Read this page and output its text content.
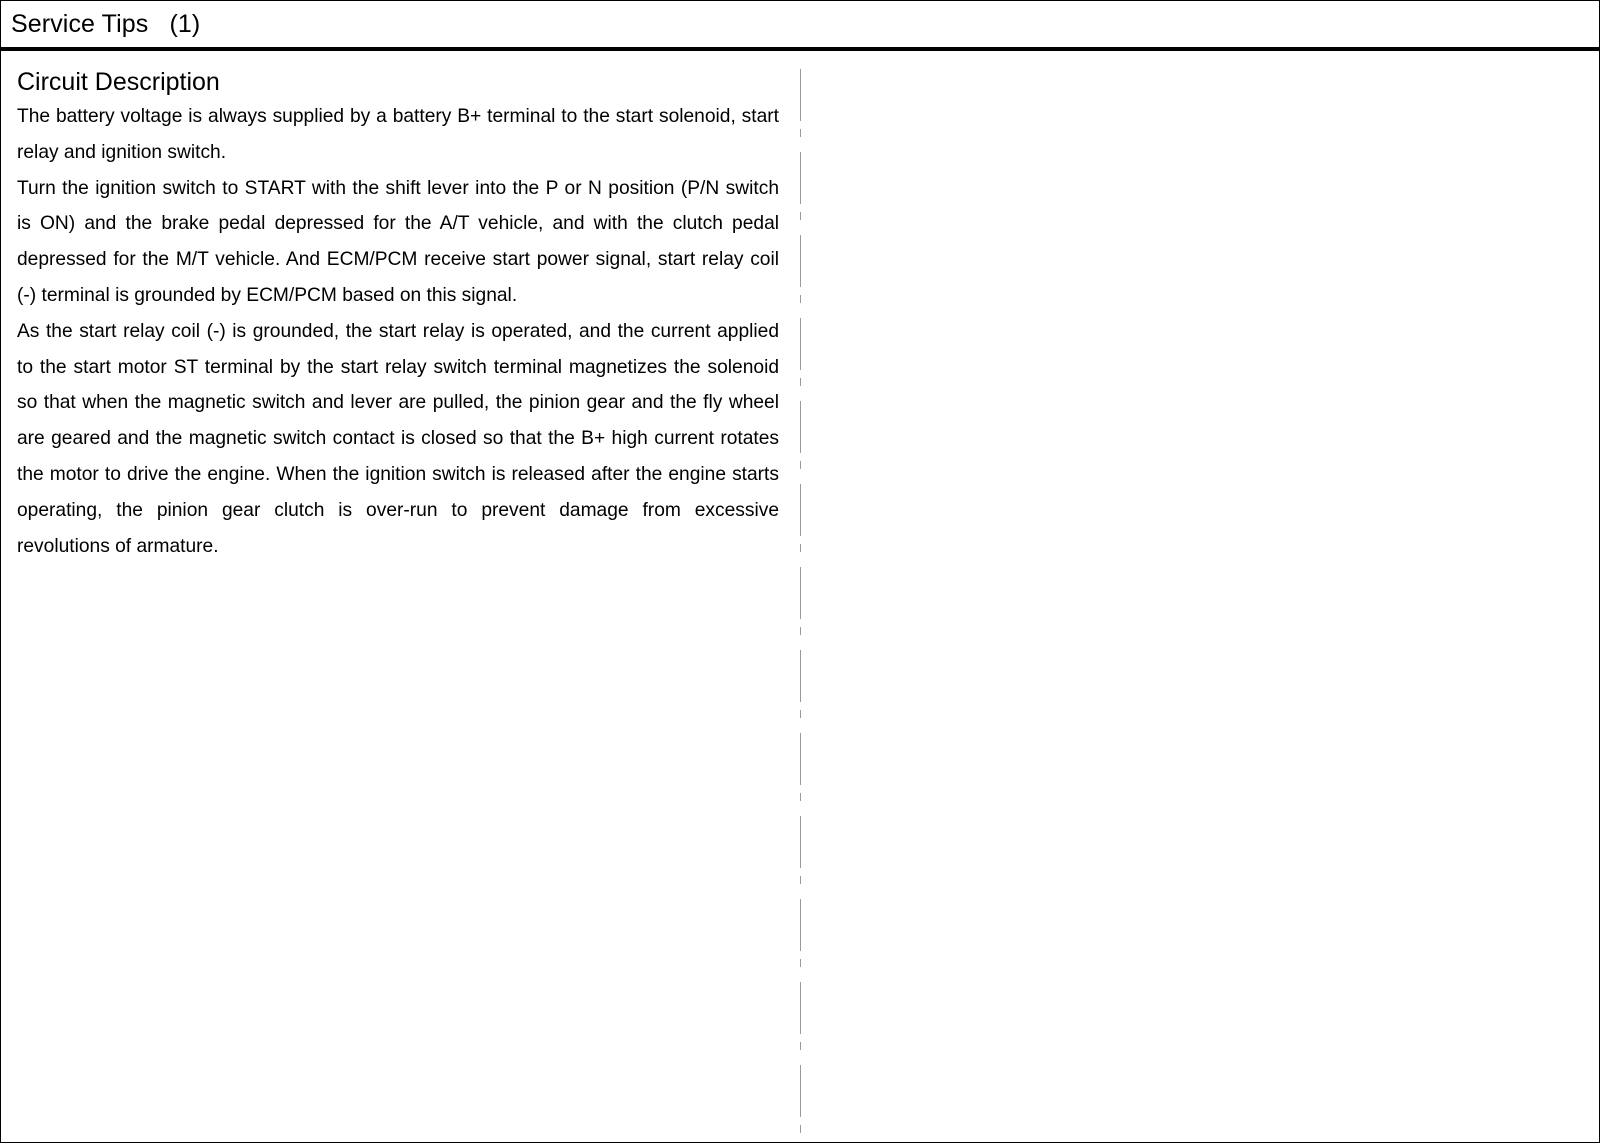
Service Tips   (1)
Circuit Description

The battery voltage is always supplied by a battery B+ terminal to the start solenoid, start relay and ignition switch.

Turn the ignition switch to START with the shift lever into the P or N position (P/N switch is ON) and the brake pedal depressed for the A/T vehicle, and with the clutch pedal depressed for the M/T vehicle. And ECM/PCM receive start power signal, start relay coil (-) terminal is grounded by ECM/PCM based on this signal.

As the start relay coil (-) is grounded, the start relay is operated, and the current applied to the start motor ST terminal by the start relay switch terminal magnetizes the solenoid so that when the magnetic switch and lever are pulled, the pinion gear and the fly wheel are geared and the magnetic switch contact is closed so that the B+ high current rotates the motor to drive the engine. When the ignition switch is released after the engine starts operating, the pinion gear clutch is over-run to prevent damage from excessive revolutions of armature.
